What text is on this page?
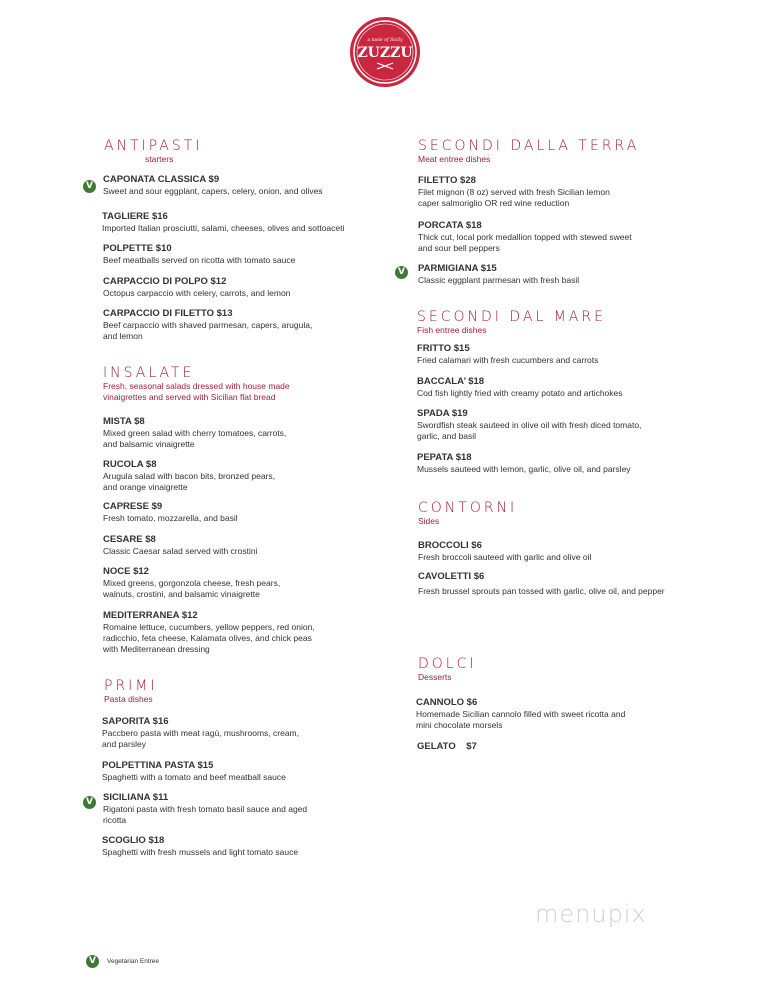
a taste of Sicily
ZUZZU
ANTIPASTI
starters
V
CAPONATA CLASSICA $9
Sweet and sour eggplant, capers, celery, onion, and olives
TAGLIERE $16
Imported Italian prosciutti, salami, cheeses, olives and sottoaceti
POLPETTE $10
Beef meatballs served on ricotta with tomato sauce
CARPACCIO DI POLPO $12
Octopus carpaccio with celery, carrots, and lemon
CARPACCIO DI FILETTO $13
Beef carpaccio with shaved parmesan, capers, arugula,
and lemon
INSALATE
Fresh, seasonal salads dressed with house made
vinaigrettes and served with Sicilian flat bread
MISTA $8
Mixed green salad with cherry tomatoes, carrots,
and balsamic vinaigrette
RUCOLA $8
Arugula salad with bacon bits, bronzed pears,
and orange vinaigrette
CAPRESE $9
Fresh tomato, mozzarella, and basil
CESARE $8
Classic Caesar salad served with crostini
NOCE $12
Mixed greens, gorgonzola cheese, fresh pears,
walnuts, crostini, and balsamic vinaigrette
MEDITERRANEA $12
Romaine lettuce, cucumbers, yellow peppers, red onion,
radicchio, feta cheese, Kalamata olives, and chick peas
with Mediterranean dressing
PRIMI
Pasta dishes
SAPORITA $16
Paccbero pasta with meat ragù, mushrooms, cream,
and parsley
POLPETTINA PASTA $15
Spaghetti with a tomato and beef meatball sauce
V	SICILIANA $11
Rigatoni pasta with fresh tomato basil sauce and aged
ricotta
SCOGLIO $18
Spaghetti with fresh mussels and light tomato sauce
SECONDI DALLA TERRA
Meat entree dishes
FILETTO $28
Filet mignon (8 oz) served with fresh Sicilian lemon
caper salmoriglio OR red wine reduction
PORCATA $18
Thick cut, local pork medallion topped with stewed sweet
and sour bell peppers
V	PARMIGIANA $15
Classic eggplant parmesan with fresh basil
SECONDI DAL MARE
Fish entree dishes
FRITTO $15
Fried calamari with fresh cucumbers and carrots
BACCALA’ $18
Cod fish lightly fried with creamy potato and artichokes
SPADA $19
Swordfish steak sauteed in olive oil with fresh diced tomato,
garlic, and basil
PEPATA $18
Mussels sauteed with lemon, garlic, olive oil, and parsley
CONTORNI
Sides
BROCCOLI $6
Fresh broccoli sauteed with garlic and olive oil
CAVOLETTI $6
Fresh brussel sprouts pan tossed with garlic, olive oil, and pepper
DOLCI
Desserts
CANNOLO $6
Homemade Sicilian cannolo filled with sweet ricotta and
mini chocolate morsels
GELATO    $7
menupix
V	Vegetarian Entree
